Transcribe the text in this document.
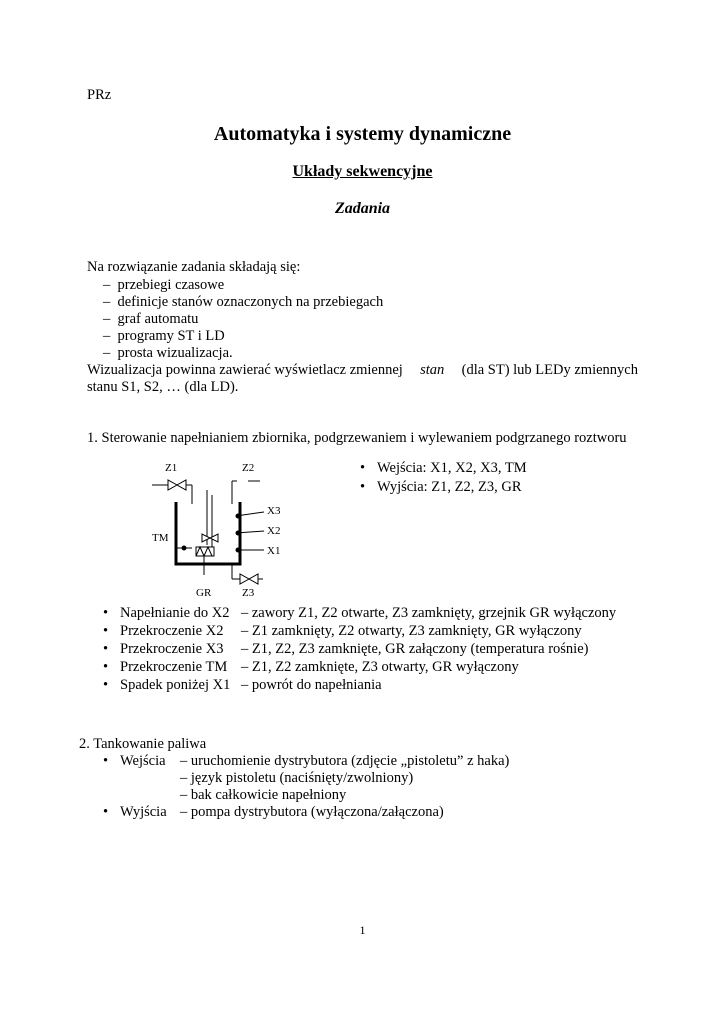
PRz
Automatyka i systemy dynamiczne
Układy sekwencyjne
Zadania
Na rozwiązanie zadania składają się:
–  przebiegi czasowe
–  definicje stanów oznaczonych na przebiegach
–  graf automatu
–  programy ST i LD
–  prosta wizualizacja.
Wizualizacja powinna zawierać wyświetlacz zmiennej stan (dla ST) lub LEDy zmiennych
stanu S1, S2, … (dla LD).
1. Sterowanie napełnianiem zbiornika, podgrzewaniem i wylewaniem podgrzanego roztworu
Z1	Z2
X3
X2
X1
TM
GR	Z3
• Wejścia: X1, X2, X3, TM
• Wyjścia: Z1, Z2, Z3, GR
• Napełnianie do X2 – zawory Z1, Z2 otwarte, Z3 zamknięty, grzejnik GR wyłączony
• Przekroczenie X2 – Z1 zamknięty, Z2 otwarty, Z3 zamknięty, GR wyłączony
• Przekroczenie X3 – Z1, Z2, Z3 zamknięte, GR załączony (temperatura rośnie)
• Przekroczenie TM – Z1, Z2 zamknięte, Z3 otwarty, GR wyłączony
• Spadek poniżej X1 – powrót do napełniania
2. Tankowanie paliwa
• Wejścia – uruchomienie dystrybutora (zdjęcie „pistoletu” z haka)
– język pistoletu (naciśnięty/zwolniony)
– bak całkowicie napełniony
• Wyjścia – pompa dystrybutora (wyłączona/załączona)
1
